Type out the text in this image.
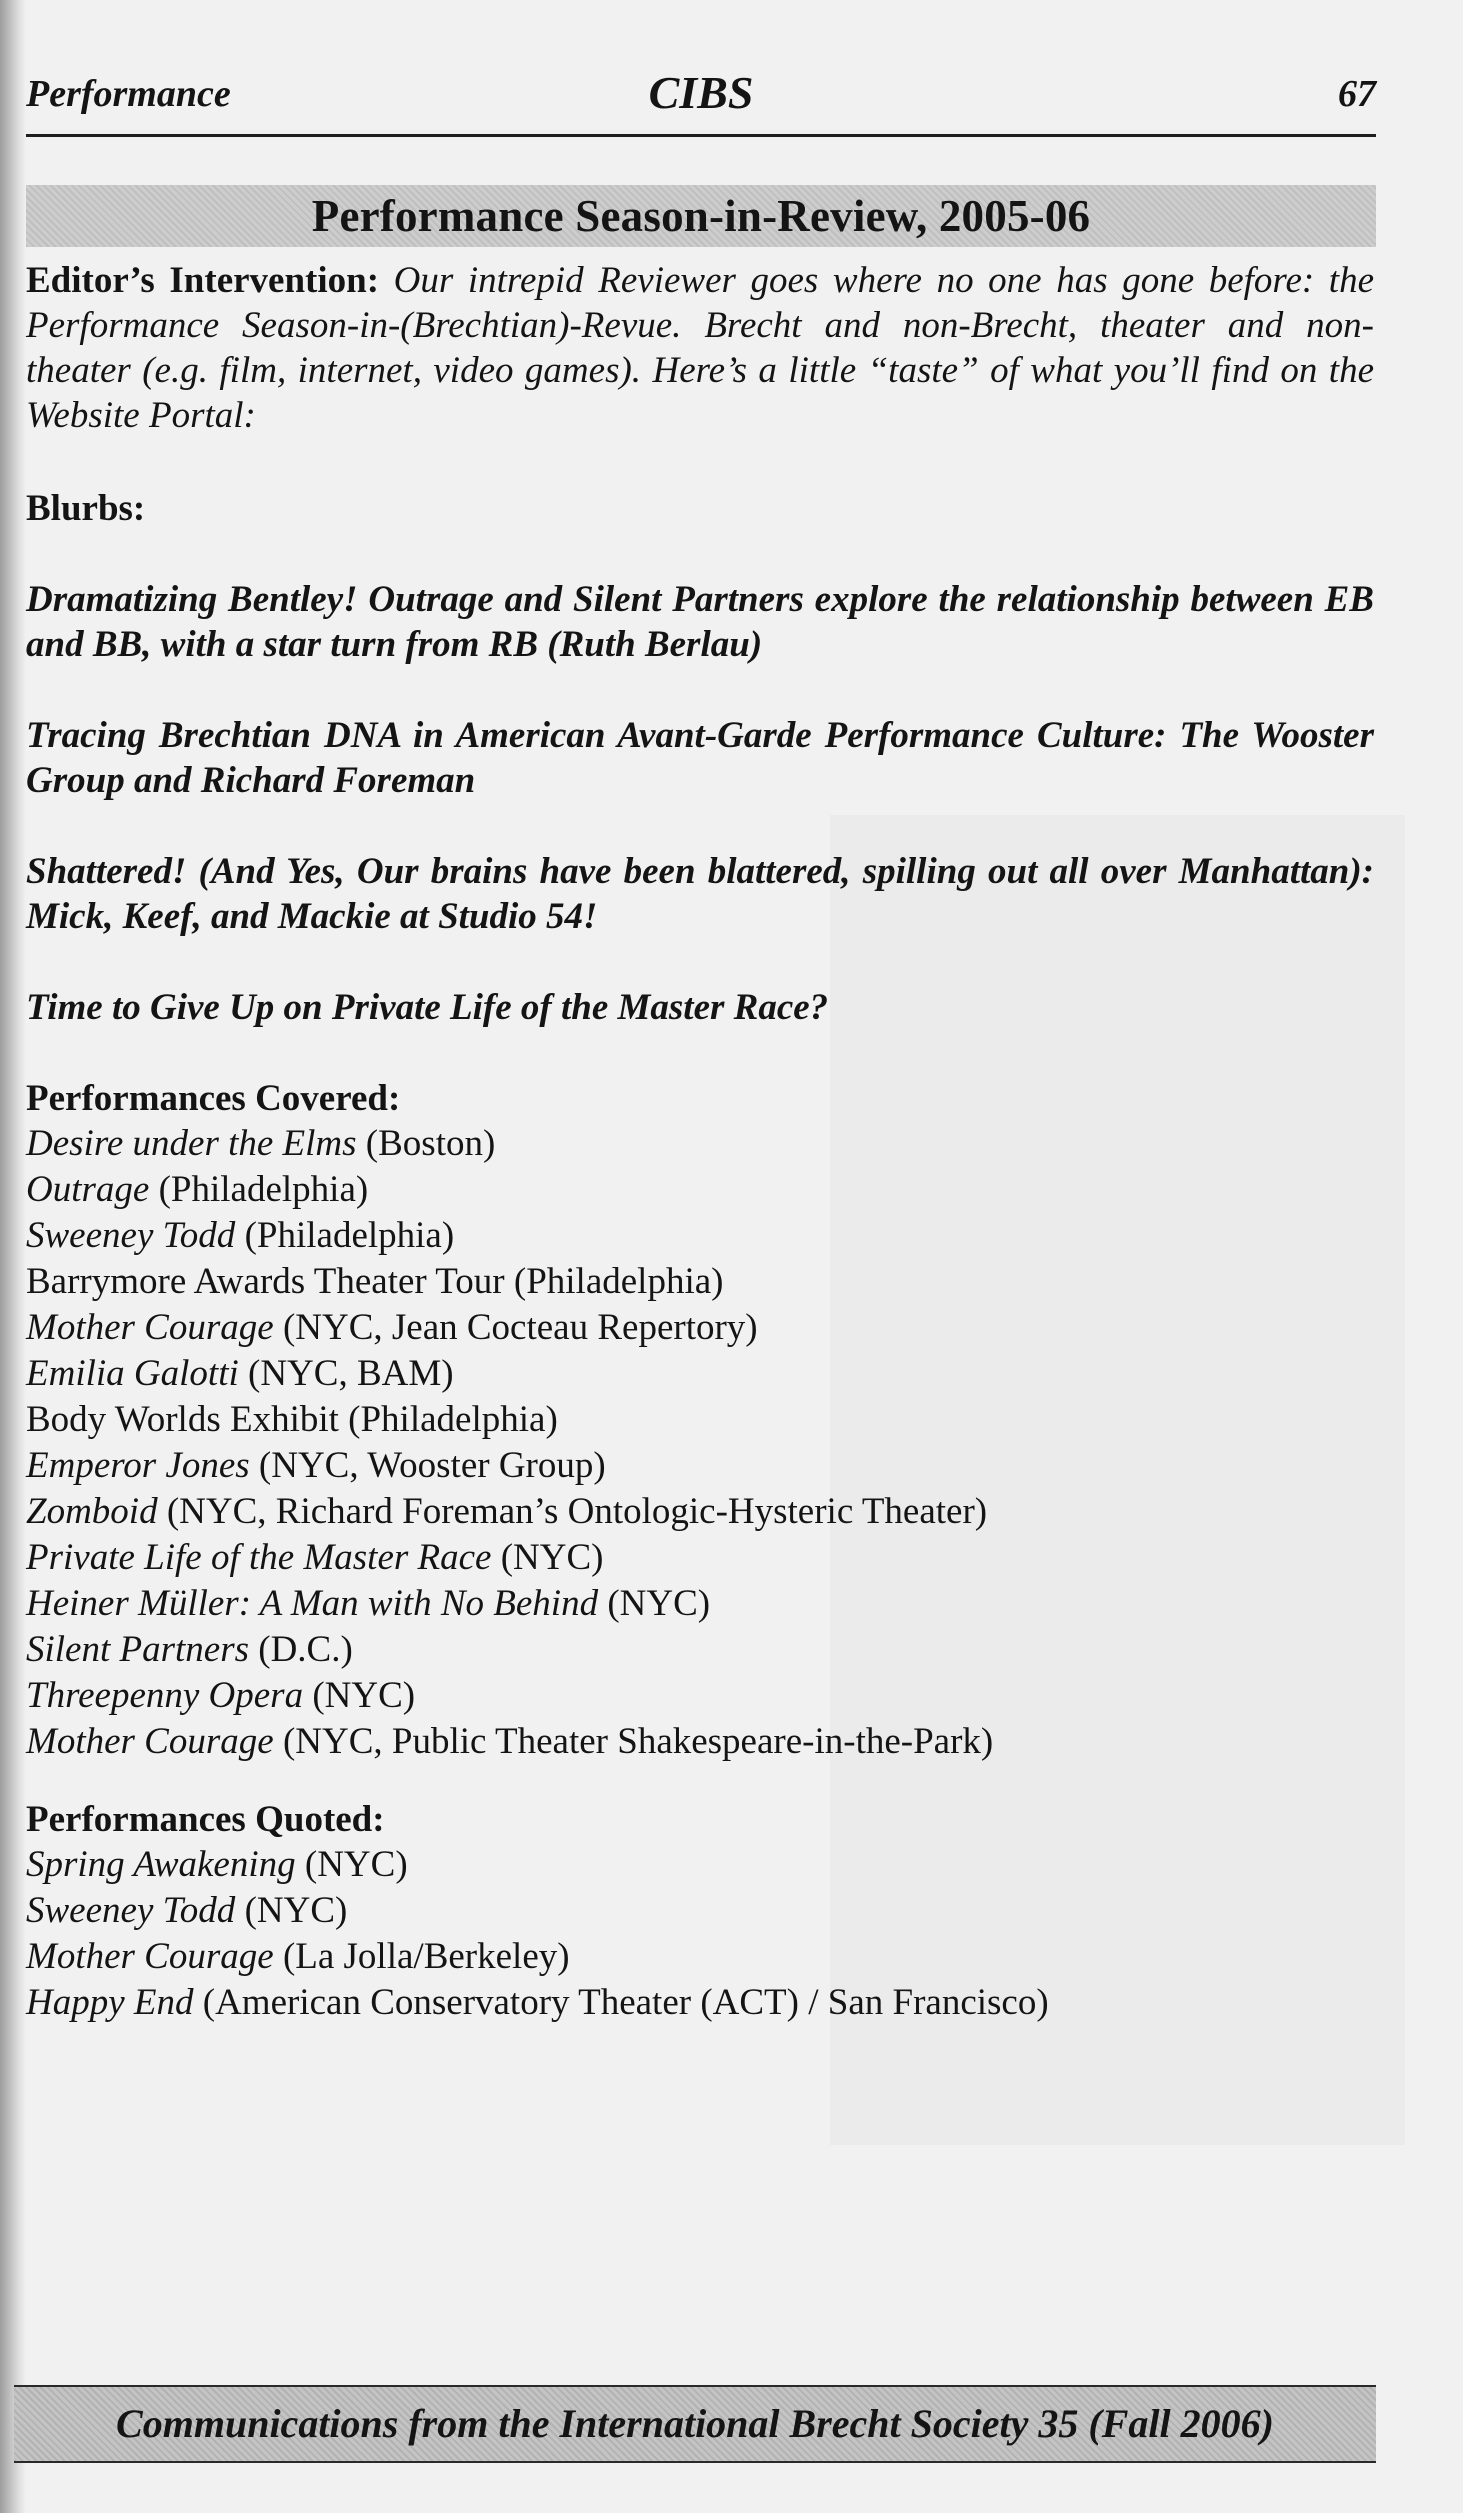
Performance	CIBS	67
Performance Season-in-Review, 2005-06

Editor’s Intervention: Our intrepid Reviewer goes where no one has gone before: the Performance Season-in-(Brechtian)-Revue. Brecht and non-Brecht, theater and non-theater (e.g. film, internet, video games). Here’s a little “taste” of what you’ll find on the Website Portal:

Blurbs:

Dramatizing Bentley! Outrage and Silent Partners explore the relationship between EB and BB, with a star turn from RB (Ruth Berlau)

Tracing Brechtian DNA in American Avant-Garde Performance Culture: The Wooster Group and Richard Foreman

Shattered! (And Yes, Our brains have been blattered, spilling out all over Manhattan): Mick, Keef, and Mackie at Studio 54!

Time to Give Up on Private Life of the Master Race?

Performances Covered:

Desire under the Elms (Boston)
Outrage (Philadelphia)
Sweeney Todd (Philadelphia)
Barrymore Awards Theater Tour (Philadelphia)
Mother Courage (NYC, Jean Cocteau Repertory)
Emilia Galotti (NYC, BAM)
Body Worlds Exhibit (Philadelphia)
Emperor Jones (NYC, Wooster Group)
Zomboid (NYC, Richard Foreman’s Ontologic-Hysteric Theater)
Private Life of the Master Race (NYC)
Heiner Müller: A Man with No Behind (NYC)
Silent Partners (D.C.)
Threepenny Opera (NYC)
Mother Courage (NYC, Public Theater Shakespeare-in-the-Park)

Performances Quoted:

Spring Awakening (NYC)
Sweeney Todd (NYC)
Mother Courage (La Jolla/Berkeley)
Happy End (American Conservatory Theater (ACT) / San Francisco)
Communications from the International Brecht Society 35 (Fall 2006)
